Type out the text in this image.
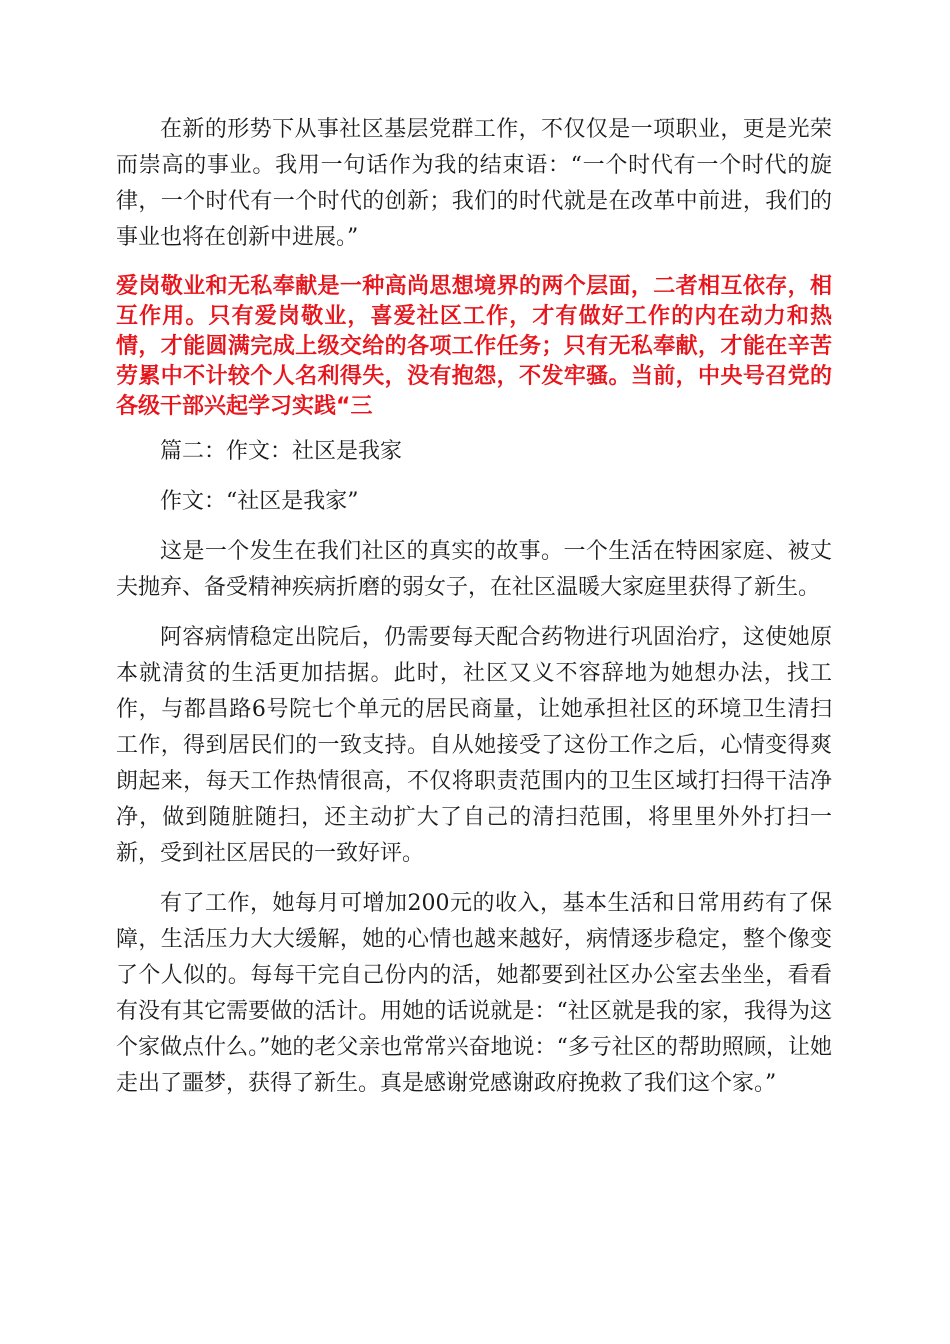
在新的形势下从事社区基层党群工作，不仅仅是一项职业，更是光荣而崇高的事业。我用一句话作为我的结束语：“一个时代有一个时代的旋律，一个时代有一个时代的创新；我们的时代就是在改革中前进，我们的事业也将在创新中进展。”

爱岗敬业和无私奉献是一种高尚思想境界的两个层面，二者相互依存，相互作用。只有爱岗敬业，喜爱社区工作，才有做好工作的内在动力和热情，才能圆满完成上级交给的各项工作任务；只有无私奉献，才能在辛苦劳累中不计较个人名利得失，没有抱怨，不发牢骚。当前，中央号召党的各级干部兴起学习实践“三

篇二：作文：社区是我家

作文：“社区是我家”

这是一个发生在我们社区的真实的故事。一个生活在特困家庭、被丈夫抛弃、备受精神疾病折磨的弱女子，在社区温暖大家庭里获得了新生。

阿容病情稳定出院后，仍需要每天配合药物进行巩固治疗，这使她原本就清贫的生活更加拮据。此时，社区又义不容辞地为她想办法，找工作，与都昌路6号院七个单元的居民商量，让她承担社区的环境卫生清扫工作，得到居民们的一致支持。自从她接受了这份工作之后，心情变得爽朗起来，每天工作热情很高，不仅将职责范围内的卫生区域打扫得干洁净净，做到随脏随扫，还主动扩大了自己的清扫范围，将里里外外打扫一新，受到社区居民的一致好评。

有了工作，她每月可增加200元的收入，基本生活和日常用药有了保障，生活压力大大缓解，她的心情也越来越好，病情逐步稳定，整个像变了个人似的。每每干完自己份内的活，她都要到社区办公室去坐坐，看看有没有其它需要做的活计。用她的话说就是：“社区就是我的家，我得为这个家做点什么。”她的老父亲也常常兴奋地说：“多亏社区的帮助照顾，让她走出了噩梦，获得了新生。真是感谢党感谢政府挽救了我们这个家。”
